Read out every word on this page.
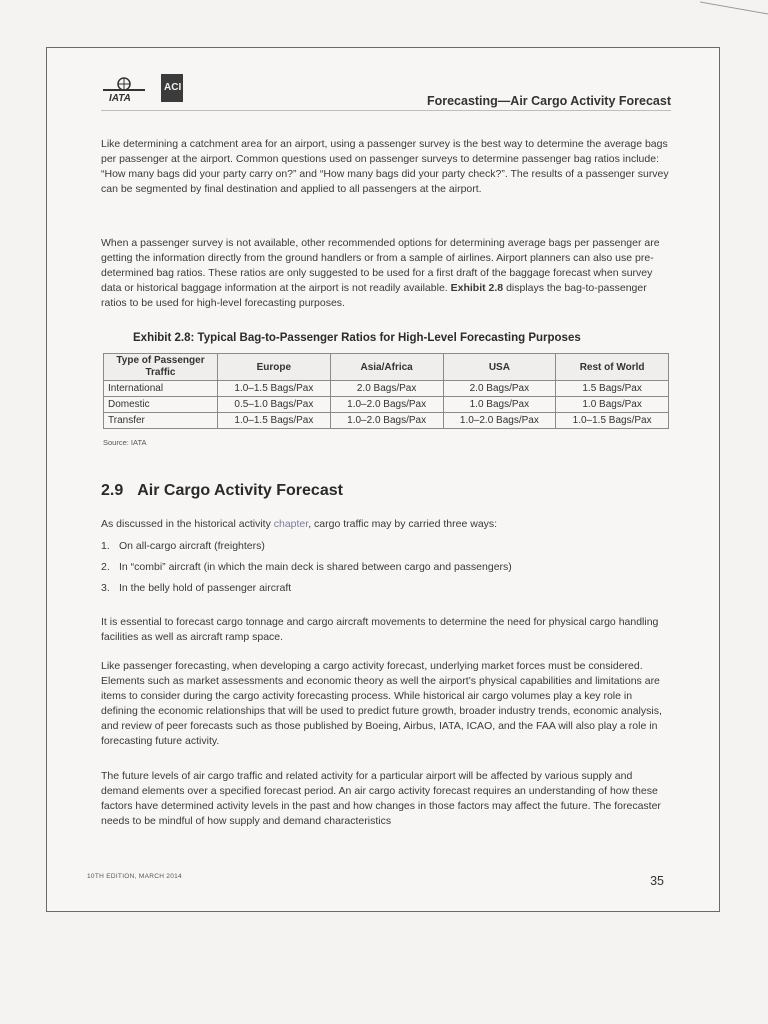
IATA
ACI
Forecasting—Air Cargo Activity Forecast

Like determining a catchment area for an airport, using a passenger survey is the best way to determine the average bags per passenger at the airport. Common questions used on passenger surveys to determine passenger bag ratios include: “How many bags did your party carry on?” and “How many bags did your party check?”. The results of a passenger survey can be segmented by final destination and applied to all passengers at the airport.

When a passenger survey is not available, other recommended options for determining average bags per passenger are getting the information directly from the ground handlers or from a sample of airlines. Airport planners can also use pre-determined bag ratios. These ratios are only suggested to be used for a first draft of the baggage forecast when survey data or historical baggage information at the airport is not readily available. Exhibit 2.8 displays the bag-to-passenger ratios to be used for high-level forecasting purposes.

Exhibit 2.8: Typical Bag-to-Passenger Ratios for High-Level Forecasting Purposes
Type of Passenger Traffic	Europe	Asia/Africa	USA	Rest of World
International	1.0–1.5 Bags/Pax	2.0 Bags/Pax	2.0 Bags/Pax	1.5 Bags/Pax
Domestic	0.5–1.0 Bags/Pax	1.0–2.0 Bags/Pax	1.0 Bags/Pax	1.0 Bags/Pax
Transfer	1.0–1.5 Bags/Pax	1.0–2.0 Bags/Pax	1.0–2.0 Bags/Pax	1.0–1.5 Bags/Pax
Source: IATA
2.9 Air Cargo Activity Forecast

As discussed in the historical activity chapter, cargo traffic may by carried three ways:

1. On all-cargo aircraft (freighters)
2. In “combi” aircraft (in which the main deck is shared between cargo and passengers)
3. In the belly hold of passenger aircraft

It is essential to forecast cargo tonnage and cargo aircraft movements to determine the need for physical cargo handling facilities as well as aircraft ramp space.

Like passenger forecasting, when developing a cargo activity forecast, underlying market forces must be considered. Elements such as market assessments and economic theory as well the airport’s physical capabilities and limitations are items to consider during the cargo activity forecasting process. While historical air cargo volumes play a key role in defining the economic relationships that will be used to predict future growth, broader industry trends, economic analysis, and review of peer forecasts such as those published by Boeing, Airbus, IATA, ICAO, and the FAA will also play a role in forecasting future activity.

The future levels of air cargo traffic and related activity for a particular airport will be affected by various supply and demand elements over a specified forecast period. An air cargo activity forecast requires an understanding of how these factors have determined activity levels in the past and how changes in those factors may affect the future. The forecaster needs to be mindful of how supply and demand characteristics

10TH EDITION, MARCH 2014	35
